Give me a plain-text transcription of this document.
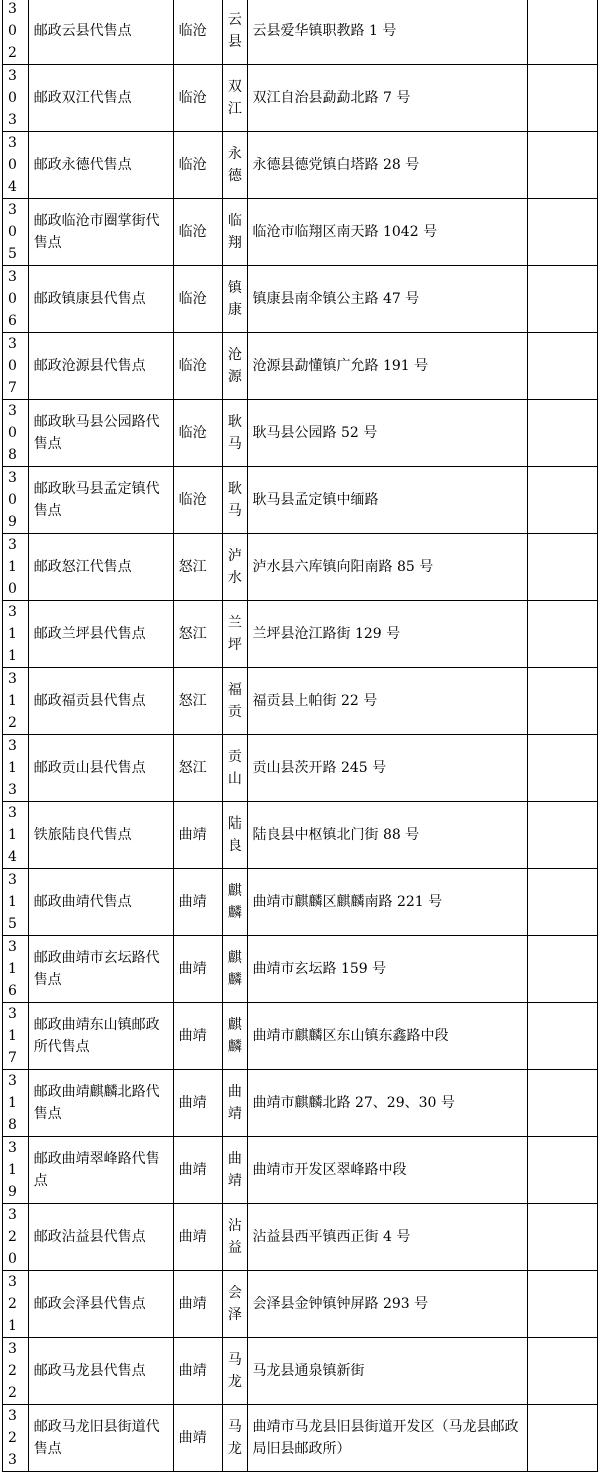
302	邮政云县代售点	临沧	云县	云县爱华镇职教路 1 号	
303	邮政双江代售点	临沧	双江	双江自治县勐勐北路 7 号	
304	邮政永德代售点	临沧	永德	永德县德党镇白塔路 28 号	
305	邮政临沧市圈掌街代售点	临沧	临翔	临沧市临翔区南天路 1042 号	
306	邮政镇康县代售点	临沧	镇康	镇康县南伞镇公主路 47 号	
307	邮政沧源县代售点	临沧	沧源	沧源县勐懂镇广允路 191 号	
308	邮政耿马县公园路代售点	临沧	耿马	耿马县公园路 52 号	
309	邮政耿马县孟定镇代售点	临沧	耿马	耿马县孟定镇中缅路	
310	邮政怒江代售点	怒江	泸水	泸水县六库镇向阳南路 85 号	
311	邮政兰坪县代售点	怒江	兰坪	兰坪县沧江路街 129 号	
312	邮政福贡县代售点	怒江	福贡	福贡县上帕街 22 号	
313	邮政贡山县代售点	怒江	贡山	贡山县茨开路 245 号	
314	铁旅陆良代售点	曲靖	陆良	陆良县中枢镇北门街 88 号	
315	邮政曲靖代售点	曲靖	麒麟	曲靖市麒麟区麒麟南路 221 号	
316	邮政曲靖市玄坛路代售点	曲靖	麒麟	曲靖市玄坛路 159 号	
317	邮政曲靖东山镇邮政所代售点	曲靖	麒麟	曲靖市麒麟区东山镇东鑫路中段	
318	邮政曲靖麒麟北路代售点	曲靖	曲靖	曲靖市麒麟北路 27、29、30 号	
319	邮政曲靖翠峰路代售点	曲靖	曲靖	曲靖市开发区翠峰路中段	
320	邮政沾益县代售点	曲靖	沾益	沾益县西平镇西正街 4 号	
321	邮政会泽县代售点	曲靖	会泽	会泽县金钟镇钟屏路 293 号	
322	邮政马龙县代售点	曲靖	马龙	马龙县通泉镇新街	
323	邮政马龙旧县街道代售点	曲靖	马龙	曲靖市马龙县旧县街道开发区（马龙县邮政局旧县邮政所）	
